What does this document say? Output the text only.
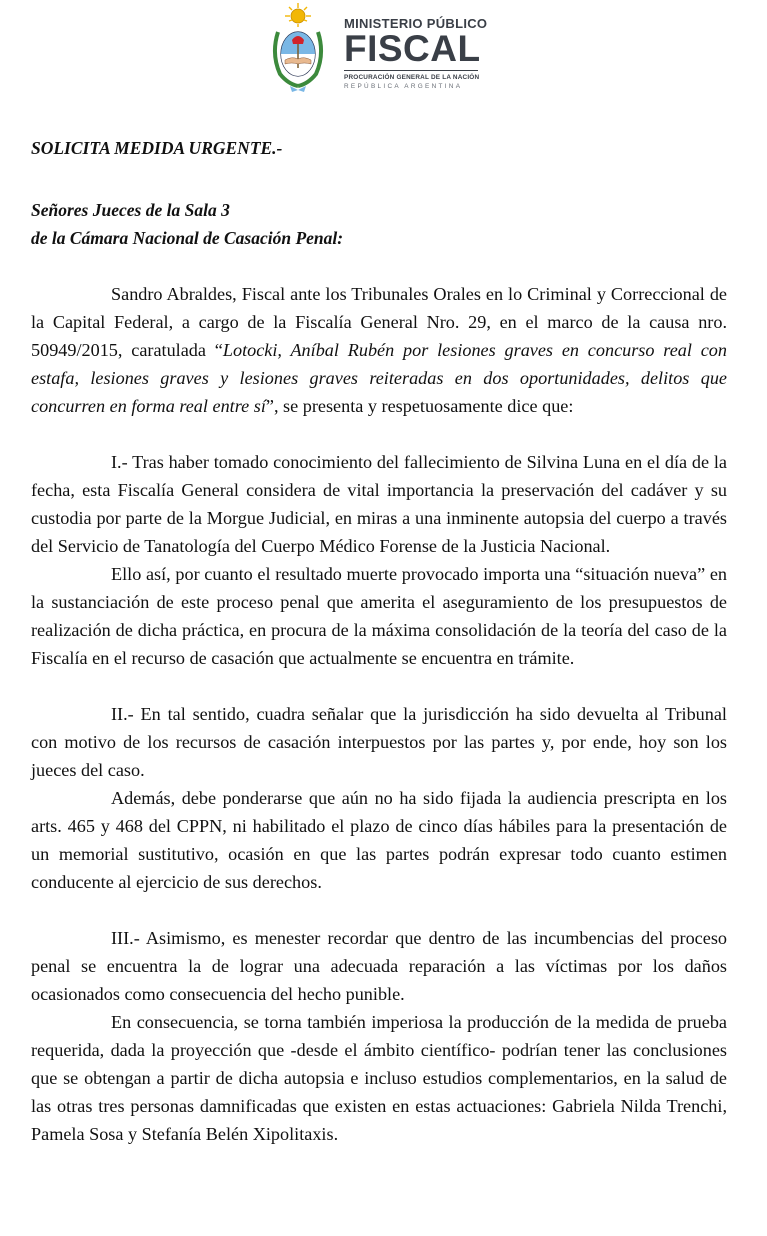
MINISTERIO PÚBLICO
FISCAL
PROCURACIÓN GENERAL DE LA NACIÓN
REPÚBLICA ARGENTINA
SOLICITA MEDIDA URGENTE.-
Señores Jueces de la Sala 3
de la Cámara Nacional de Casación Penal:

Sandro Abraldes, Fiscal ante los Tribunales Orales en lo Criminal y Correccional de la Capital Federal, a cargo de la Fiscalía General Nro. 29, en el marco de la causa nro. 50949/2015, caratulada “Lotocki, Aníbal Rubén por lesiones graves en concurso real con estafa, lesiones graves y lesiones graves reiteradas en dos oportunidades, delitos que concurren en forma real entre sí”, se presenta y respetuosamente dice que:

I.- Tras haber tomado conocimiento del fallecimiento de Silvina Luna en el día de la fecha, esta Fiscalía General considera de vital importancia la preservación del cadáver y su custodia por parte de la Morgue Judicial, en miras a una inminente autopsia del cuerpo a través del Servicio de Tanatología del Cuerpo Médico Forense de la Justicia Nacional.

Ello así, por cuanto el resultado muerte provocado importa una “situación nueva” en la sustanciación de este proceso penal que amerita el aseguramiento de los presupuestos de realización de dicha práctica, en procura de la máxima consolidación de la teoría del caso de la Fiscalía en el recurso de casación que actualmente se encuentra en trámite.

II.- En tal sentido, cuadra señalar que la jurisdicción ha sido devuelta al Tribunal con motivo de los recursos de casación interpuestos por las partes y, por ende, hoy son los jueces del caso.

Además, debe ponderarse que aún no ha sido fijada la audiencia prescripta en los arts. 465 y 468 del CPPN, ni habilitado el plazo de cinco días hábiles para la presentación de un memorial sustitutivo, ocasión en que las partes podrán expresar todo cuanto estimen conducente al ejercicio de sus derechos.

III.- Asimismo, es menester recordar que dentro de las incumbencias del proceso penal se encuentra la de lograr una adecuada reparación a las víctimas por los daños ocasionados como consecuencia del hecho punible.

En consecuencia, se torna también imperiosa la producción de la medida de prueba requerida, dada la proyección que -desde el ámbito científico- podrían tener las conclusiones que se obtengan a partir de dicha autopsia e incluso estudios complementarios, en la salud de las otras tres personas damnificadas que existen en estas actuaciones: Gabriela Nilda Trenchi, Pamela Sosa y Stefanía Belén Xipolitaxis.
